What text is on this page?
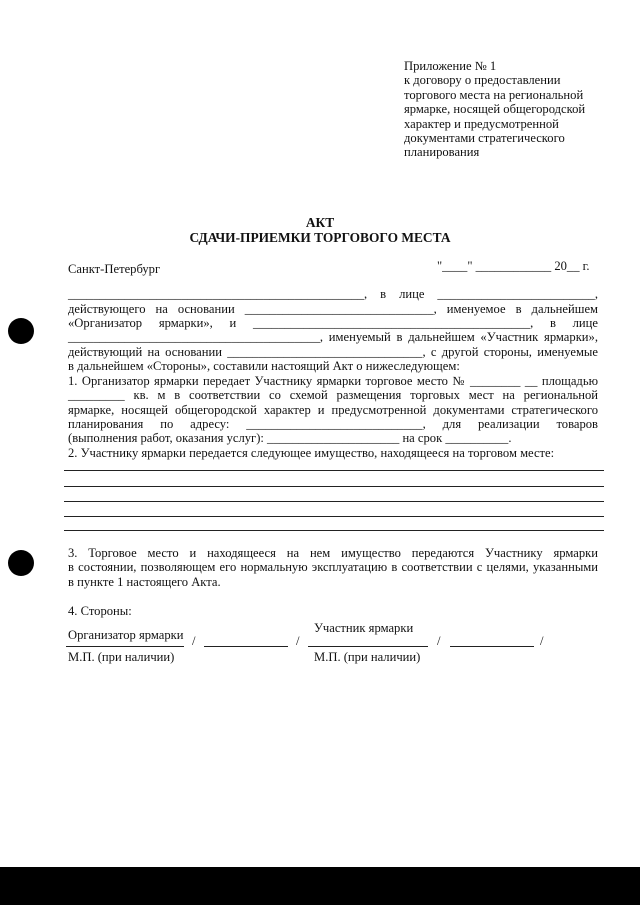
Приложение № 1
к договору о предоставлении
торгового места на региональной
ярмарке, носящей общегородской
характер и предусмотренной
документами стратегического
планирования
АКТ
СДАЧИ-ПРИЕМКИ ТОРГОВОГО МЕСТА
Санкт-Петербург	"____" ____________ 20__ г.
_______________________________________________, в лице _________________________,
действующего на основании ______________________________, именуемое в дальнейшем
«Организатор ярмарки», и ____________________________________________, в лице
________________________________________, именуемый в дальнейшем «Участник ярмарки»,
действующий на основании _______________________________, с другой стороны, именуемые
в дальнейшем «Стороны», составили настоящий Акт о нижеследующем:
1. Организатор ярмарки передает Участнику ярмарки торговое место № ________ __ площадью
_________ кв. м в соответствии со схемой размещения торговых мест на региональной
ярмарке, носящей общегородской характер и предусмотренной документами стратегического
планирования по адресу: ____________________________, для реализации товаров
(выполнения работ, оказания услуг): _____________________ на срок __________.
2. Участнику ярмарки передается следующее имущество, находящееся на торговом месте:
3. Торговое место и находящееся на нем имущество передаются Участнику ярмарки
в состоянии, позволяющем его нормальную эксплуатацию в соответствии с целями, указанными
в пункте 1 настоящего Акта.
4. Стороны:
Организатор ярмарки	Участник ярмарки
/	/	/	/
М.П. (при наличии)	М.П. (при наличии)
